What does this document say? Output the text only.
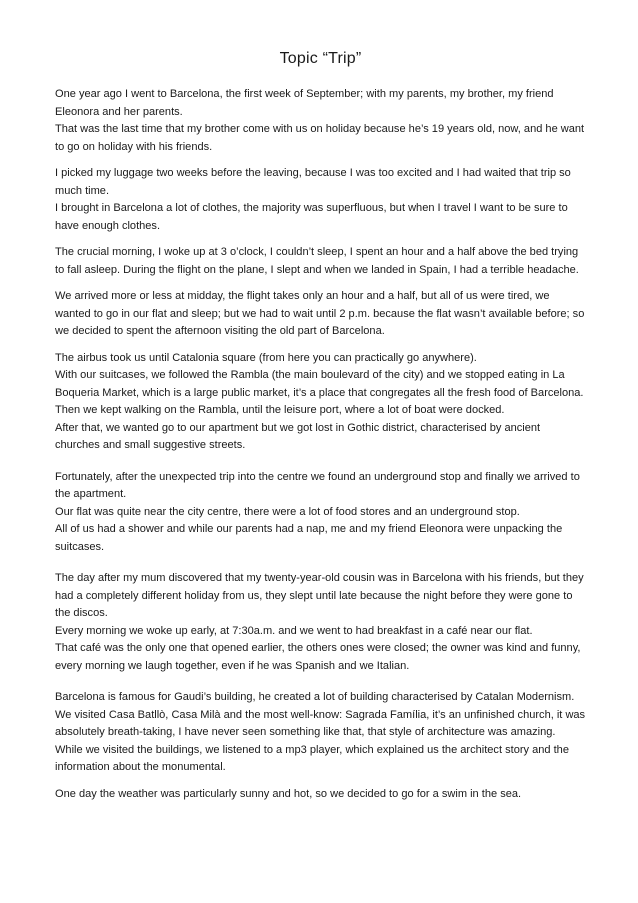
Topic “Trip”
One year ago I went to Barcelona, the first week of September; with my parents, my brother, my friend Eleonora and her parents.
That was the last time that my brother come with us on holiday because he’s 19 years old, now, and he want to go on holiday with his friends.
I picked my luggage two weeks before the leaving, because I was too excited and I had waited that trip so much time.
I brought in Barcelona a lot of clothes, the majority was superfluous, but when I travel I want to be sure to have enough clothes.
The crucial morning, I woke up at 3 o’clock, I couldn’t sleep, I spent an hour and a half above the bed trying to fall asleep. During the flight on the plane, I slept and when we landed in Spain, I had a terrible headache.
We arrived more or less at midday, the flight takes only an hour and a half, but all of us were tired, we wanted to go in our flat and sleep; but we had to wait until 2 p.m. because the flat wasn’t available before; so we decided to spent the afternoon visiting the old part of Barcelona.
The airbus took us until Catalonia square (from here you can practically go anywhere).
With our suitcases, we followed the Rambla (the main boulevard of the city) and we stopped eating in La Boqueria Market, which is a large public market, it’s a place that congregates all the fresh food of Barcelona.
Then we kept walking on the Rambla, until the leisure port, where a lot of boat were docked.
After that, we wanted go to our apartment but we got lost in Gothic district, characterised by ancient churches and small suggestive streets.
Fortunately, after the unexpected trip into the centre we found an underground stop and finally we arrived to the apartment.
Our flat was quite near the city centre, there were a lot of food stores and an underground stop.
All of us had a shower and while our parents had a nap, me and my friend Eleonora were unpacking the suitcases.
The day after my mum discovered that my twenty-year-old cousin was in Barcelona with his friends, but they had a completely different holiday from us, they slept until late because the night before they were gone to the discos.
Every morning we woke up early, at 7:30a.m. and we went to had breakfast in a café near our flat.
That café was the only one that opened earlier, the others ones were closed; the owner was kind and funny, every morning we laugh together, even if he was Spanish and we Italian.
Barcelona is famous for Gaudi’s building, he created a lot of building characterised by Catalan Modernism.
We visited Casa Batllò, Casa Milà and the most well-know: Sagrada Família, it’s an unfinished church, it was absolutely breath-taking, I have never seen something like that, that style of architecture was amazing.
While we visited the buildings, we listened to a mp3 player, which explained us the architect story and the information about the monumental.
One day the weather was particularly sunny and hot, so we decided to go for a swim in the sea.
